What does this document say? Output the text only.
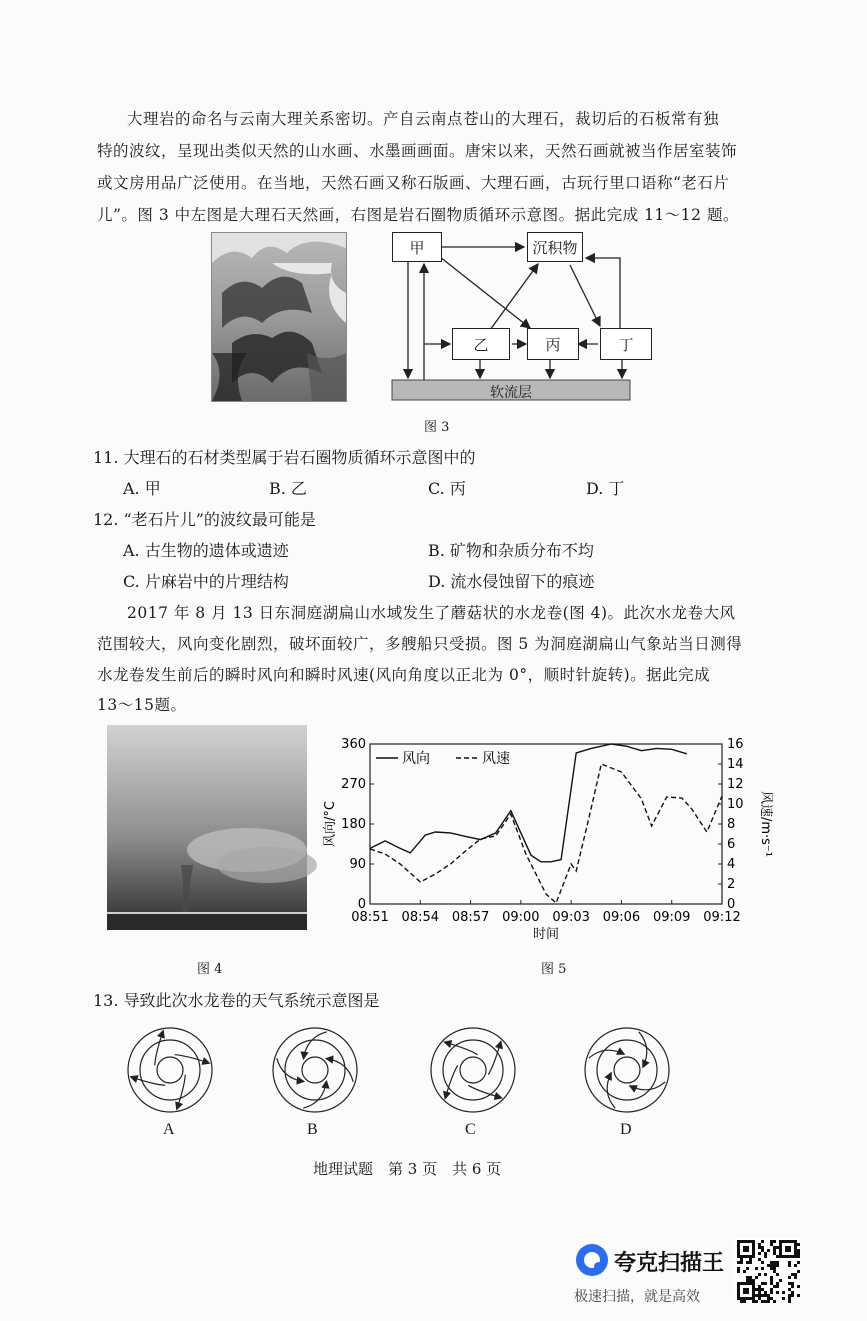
大理岩的命名与云南大理关系密切。产自云南点苍山的大理石，裁切后的石板常有独
特的波纹，呈现出类似天然的山水画、水墨画画面。唐宋以来，天然石画就被当作居室装饰
或文房用品广泛使用。在当地，天然石画又称石版画、大理石画，古玩行里口语称“老石片
儿”。图 3 中左图是大理石天然画，右图是岩石圈物质循环示意图。据此完成 11～12 题。
甲	沉积物
乙	丙	丁
软流层
图 3
11. 大理石的石材类型属于岩石圈物质循环示意图中的
A. 甲	B. 乙	C. 丙	D. 丁
12. “老石片儿”的波纹最可能是
A. 古生物的遗体或遗迹	B. 矿物和杂质分布不均
C. 片麻岩中的片理结构	D. 流水侵蚀留下的痕迹
2017 年 8 月 13 日东洞庭湖扁山水域发生了蘑菇状的水龙卷(图 4)。此次水龙卷大风
范围较大，风向变化剧烈，破坏面较广，多艘船只受损。图 5 为洞庭湖扁山气象站当日测得
水龙卷发生前后的瞬时风向和瞬时风速(风向角度以正北为 0°，顺时针旋转)。据此完成
13～15题。
图 4
08:51 08:54 08:57 09:00 09:03 09:06 09:09 09:12
时间
0
90
180
270
360
风向/°C
0
2
4
6
8
10
12
14
16
风速/m·s⁻¹
风向	风速
图 5
13. 导致此次水龙卷的天气系统示意图是
A	B	C	D
地理试题　第 3 页　共 6 页
夸克扫描王
极速扫描，就是高效
